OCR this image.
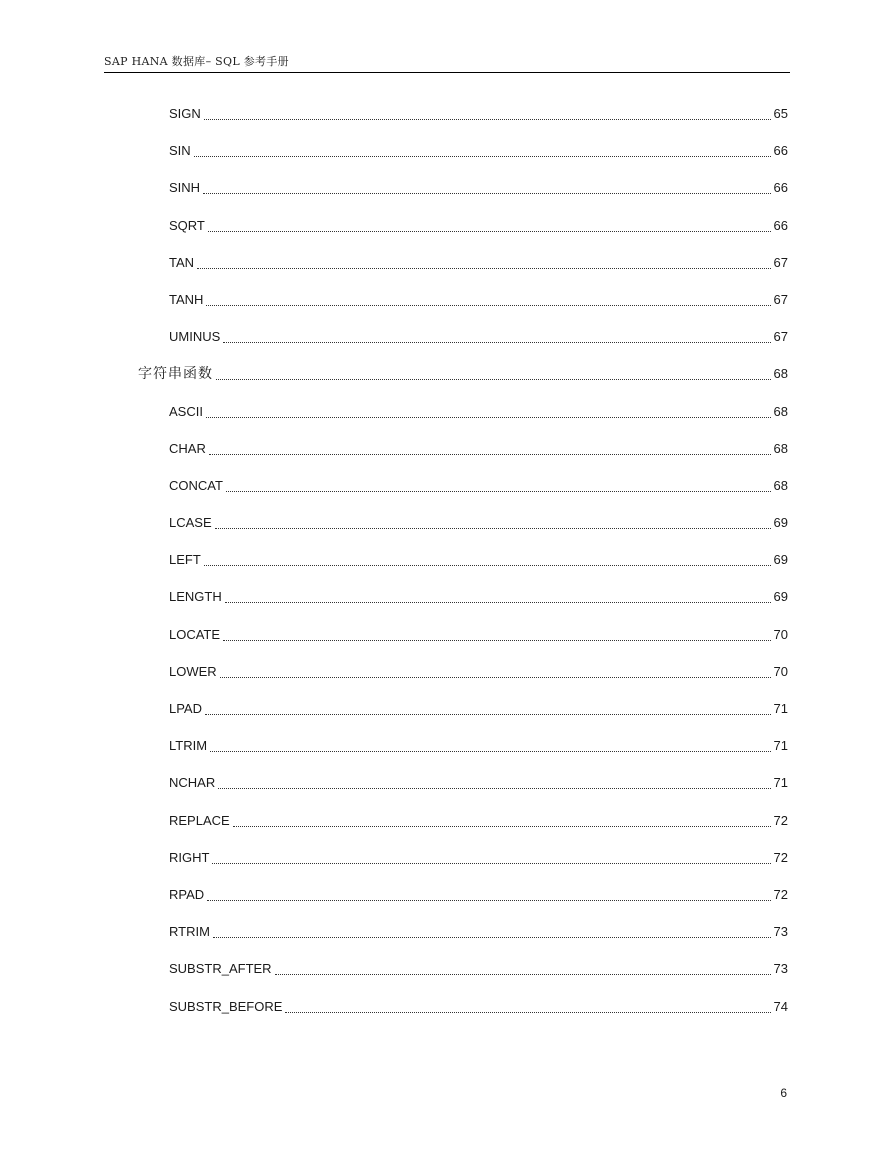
SAP HANA 数据库– SQL 参考手册
SIGN	65
SIN	66
SINH	66
SQRT	66
TAN	67
TANH	67
UMINUS	67
字符串函数	68
ASCII	68
CHAR	68
CONCAT	68
LCASE	69
LEFT	69
LENGTH	69
LOCATE	70
LOWER	70
LPAD	71
LTRIM	71
NCHAR	71
REPLACE	72
RIGHT	72
RPAD	72
RTRIM	73
SUBSTR_AFTER	73
SUBSTR_BEFORE	74
6
